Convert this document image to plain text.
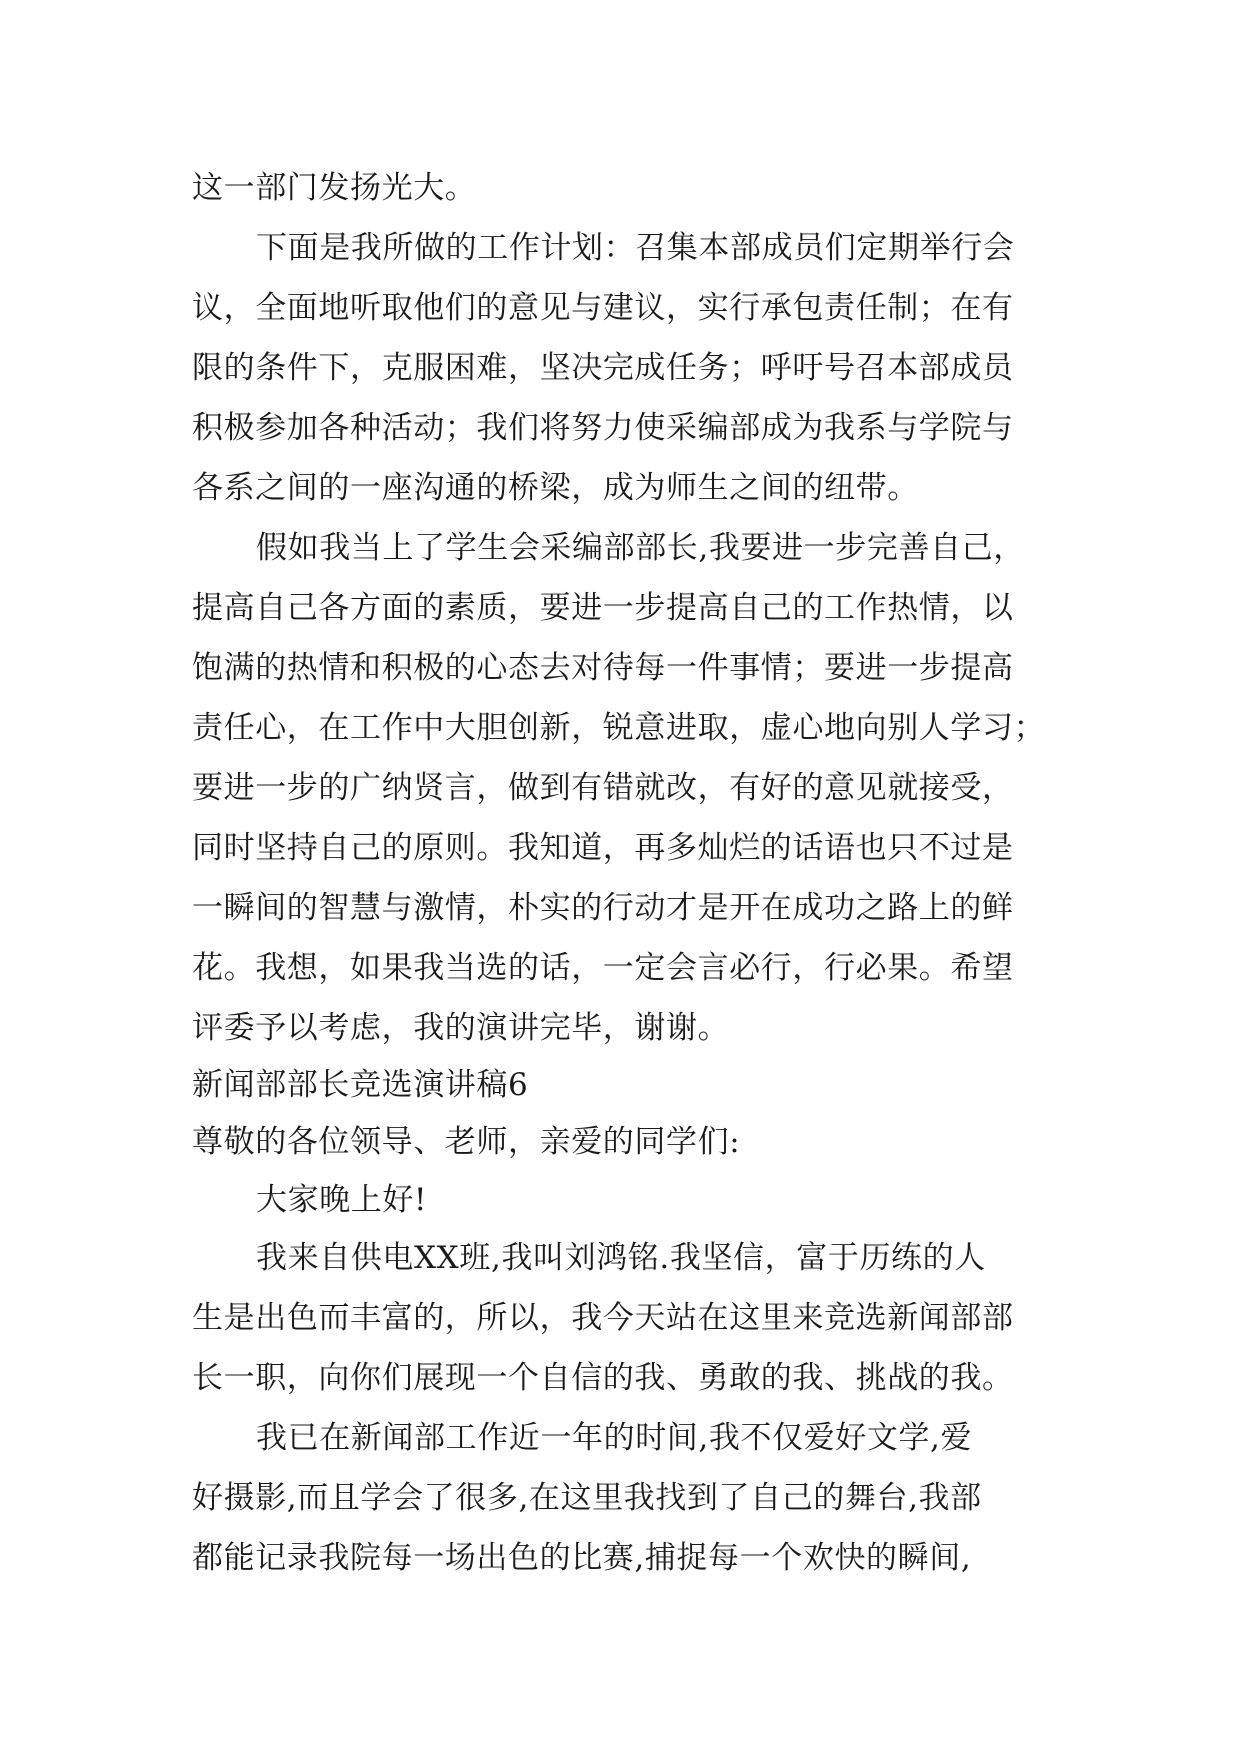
这一部门发扬光大。
下面是我所做的工作计划：召集本部成员们定期举行会
议，全面地听取他们的意见与建议，实行承包责任制；在有
限的条件下，克服困难，坚决完成任务；呼吁号召本部成员
积极参加各种活动；我们将努力使采编部成为我系与学院与
各系之间的一座沟通的桥梁，成为师生之间的纽带。
假如我当上了学生会采编部部长,我要进一步完善自己，
提高自己各方面的素质，要进一步提高自己的工作热情，以
饱满的热情和积极的心态去对待每一件事情；要进一步提高
责任心，在工作中大胆创新，锐意进取，虚心地向别人学习；
要进一步的广纳贤言，做到有错就改，有好的意见就接受，
同时坚持自己的原则。我知道，再多灿烂的话语也只不过是
一瞬间的智慧与激情，朴实的行动才是开在成功之路上的鲜
花。我想，如果我当选的话，一定会言必行，行必果。希望
评委予以考虑，我的演讲完毕，谢谢。
新闻部部长竞选演讲稿6
尊敬的各位领导、老师，亲爱的同学们:
大家晚上好!
我来自供电XX班,我叫刘鸿铭.我坚信，富于历练的人
生是出色而丰富的，所以，我今天站在这里来竞选新闻部部
长一职，向你们展现一个自信的我、勇敢的我、挑战的我。
我已在新闻部工作近一年的时间,我不仅爱好文学,爱
好摄影,而且学会了很多,在这里我找到了自己的舞台,我部
都能记录我院每一场出色的比赛,捕捉每一个欢快的瞬间,
